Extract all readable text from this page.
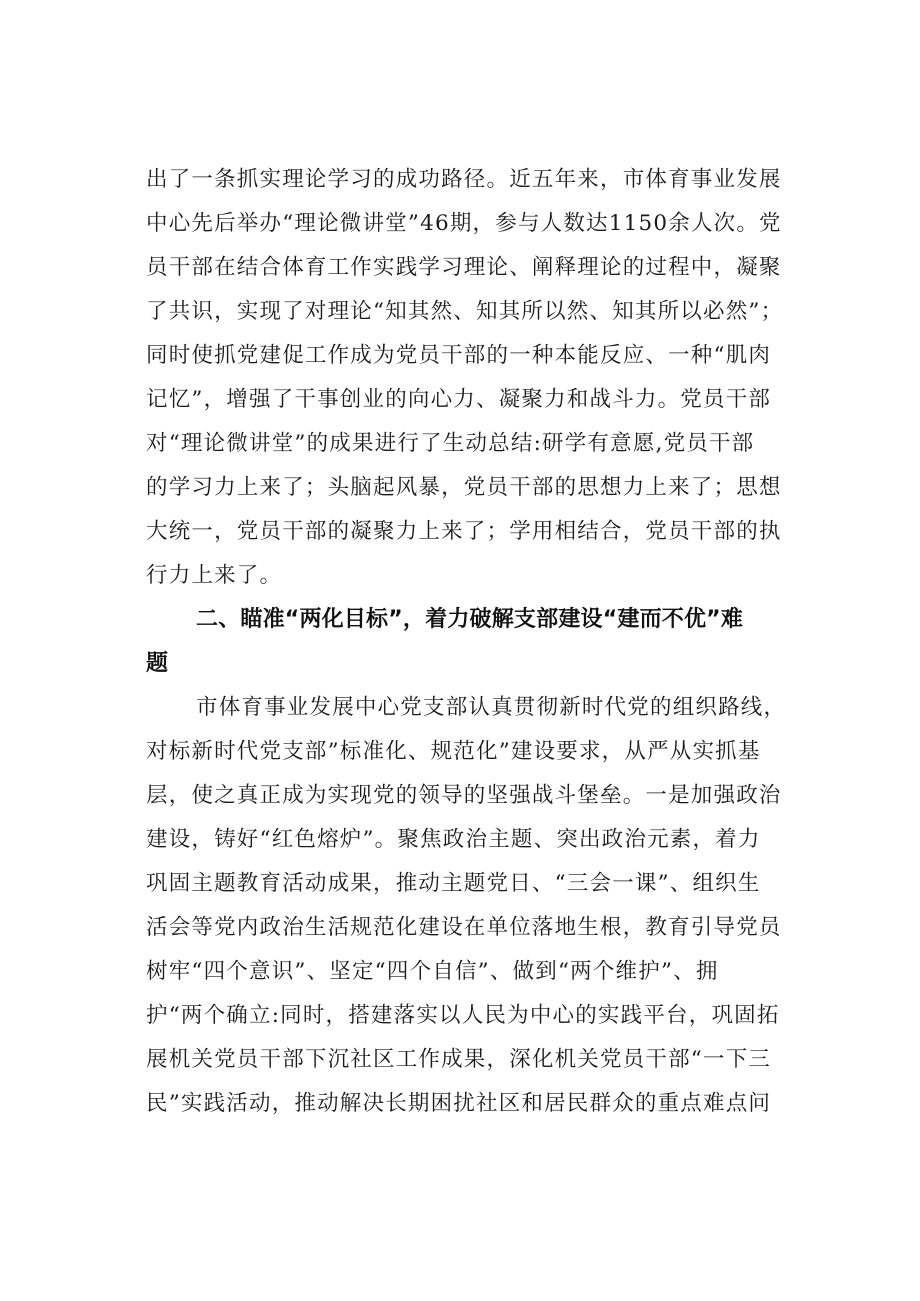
出了一条抓实理论学习的成功路径。近五年来，市体育事业发展
中心先后举办“理论微讲堂”46期，参与人数达1150余人次。党
员干部在结合体育工作实践学习理论、阐释理论的过程中，凝聚
了共识，实现了对理论“知其然、知其所以然、知其所以必然”；
同时使抓党建促工作成为党员干部的一种本能反应、一种“肌肉
记忆”，增强了干事创业的向心力、凝聚力和战斗力。党员干部
对“理论微讲堂”的成果进行了生动总结:研学有意愿,党员干部
的学习力上来了；头脑起风暴，党员干部的思想力上来了；思想
大统一，党员干部的凝聚力上来了；学用相结合，党员干部的执
行力上来了。
二、瞄准“两化目标”，着力破解支部建设“建而不优”难
题
市体育事业发展中心党支部认真贯彻新时代党的组织路线，
对标新时代党支部”标准化、规范化”建设要求，从严从实抓基
层，使之真正成为实现党的领导的坚强战斗堡垒。一是加强政治
建设，铸好“红色熔炉”。聚焦政治主题、突出政治元素，着力
巩固主题教育活动成果，推动主题党日、“三会一课”、组织生
活会等党内政治生活规范化建设在单位落地生根，教育引导党员
树牢“四个意识”、坚定“四个自信”、做到“两个维护”、拥
护“两个确立:同时，搭建落实以人民为中心的实践平台，巩固拓
展机关党员干部下沉社区工作成果，深化机关党员干部“一下三
民”实践活动，推动解决长期困扰社区和居民群众的重点难点问
